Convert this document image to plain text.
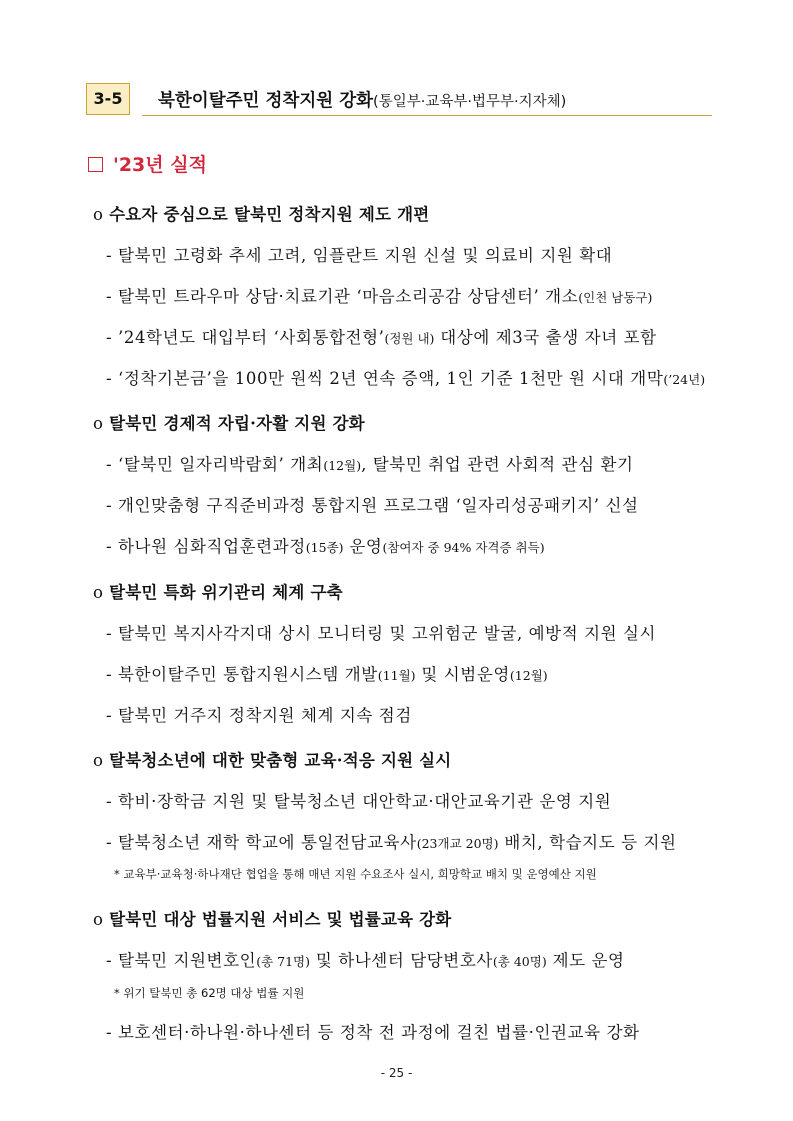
3-5	북한이탈주민 정착지원 강화(통일부·교육부·법무부·지자체)
'23년 실적
o 수요자 중심으로 탈북민 정착지원 제도 개편
- 탈북민 고령화 추세 고려, 임플란트 지원 신설 및 의료비 지원 확대
- 탈북민 트라우마 상담·치료기관 ‘마음소리공감 상담센터’ 개소(인천 남동구)
- ’24학년도 대입부터 ‘사회통합전형’(정원 내) 대상에 제3국 출생 자녀 포함
- ‘정착기본금’을 100만 원씩 2년 연속 증액, 1인 기준 1천만 원 시대 개막(’24년)
o 탈북민 경제적 자립·자활 지원 강화
- ‘탈북민 일자리박람회’ 개최(12월), 탈북민 취업 관련 사회적 관심 환기
- 개인맞춤형 구직준비과정 통합지원 프로그램 ‘일자리성공패키지’ 신설
- 하나원 심화직업훈련과정(15종) 운영(참여자 중 94% 자격증 취득)
o 탈북민 특화 위기관리 체계 구축
- 탈북민 복지사각지대 상시 모니터링 및 고위험군 발굴, 예방적 지원 실시
- 북한이탈주민 통합지원시스템 개발(11월) 및 시범운영(12월)
- 탈북민 거주지 정착지원 체계 지속 점검
o 탈북청소년에 대한 맞춤형 교육·적응 지원 실시
- 학비·장학금 지원 및 탈북청소년 대안학교·대안교육기관 운영 지원
- 탈북청소년 재학 학교에 통일전담교육사(23개교 20명) 배치, 학습지도 등 지원
* 교육부·교육청·하나재단 협업을 통해 매년 지원 수요조사 실시, 희망학교 배치 및 운영예산 지원
o 탈북민 대상 법률지원 서비스 및 법률교육 강화
- 탈북민 지원변호인(총 71명) 및 하나센터 담당변호사(총 40명) 제도 운영
* 위기 탈북민 총 62명 대상 법률 지원
- 보호센터·하나원·하나센터 등 정착 전 과정에 걸친 법률·인권교육 강화
- 25 -
